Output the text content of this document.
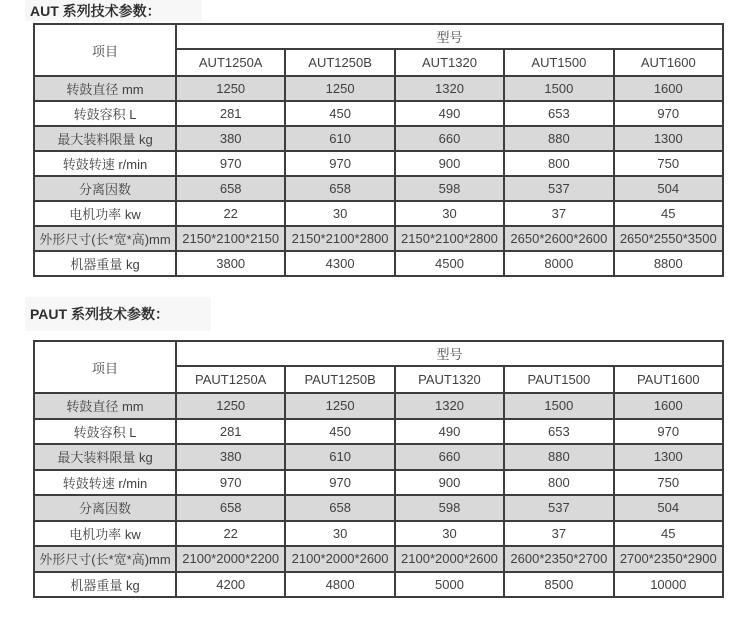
AUT 系列技术参数：
项目	型号				
	AUT1250A	AUT1250B	AUT1320	AUT1500	AUT1600
转鼓直径 mm	1250	1250	1320	1500	1600
转鼓容积 L	281	450	490	653	970
最大装料限量 kg	380	610	660	880	1300
转鼓转速 r/min	970	970	900	800	750
分离因数	658	658	598	537	504
电机功率 kw	22	30	30	37	45
外形尺寸(长*宽*高)mm	2150*2100*2150	2150*2100*2800	2150*2100*2800	2650*2600*2600	2650*2550*3500
机器重量 kg	3800	4300	4500	8000	8800
PAUT 系列技术参数：
项目	型号				
	PAUT1250A	PAUT1250B	PAUT1320	PAUT1500	PAUT1600
转鼓直径 mm	1250	1250	1320	1500	1600
转鼓容积 L	281	450	490	653	970
最大装料限量 kg	380	610	660	880	1300
转鼓转速 r/min	970	970	900	800	750
分离因数	658	658	598	537	504
电机功率 kw	22	30	30	37	45
外形尺寸(长*宽*高)mm	2100*2000*2200	2100*2000*2600	2100*2000*2600	2600*2350*2700	2700*2350*2900
机器重量 kg	4200	4800	5000	8500	10000
